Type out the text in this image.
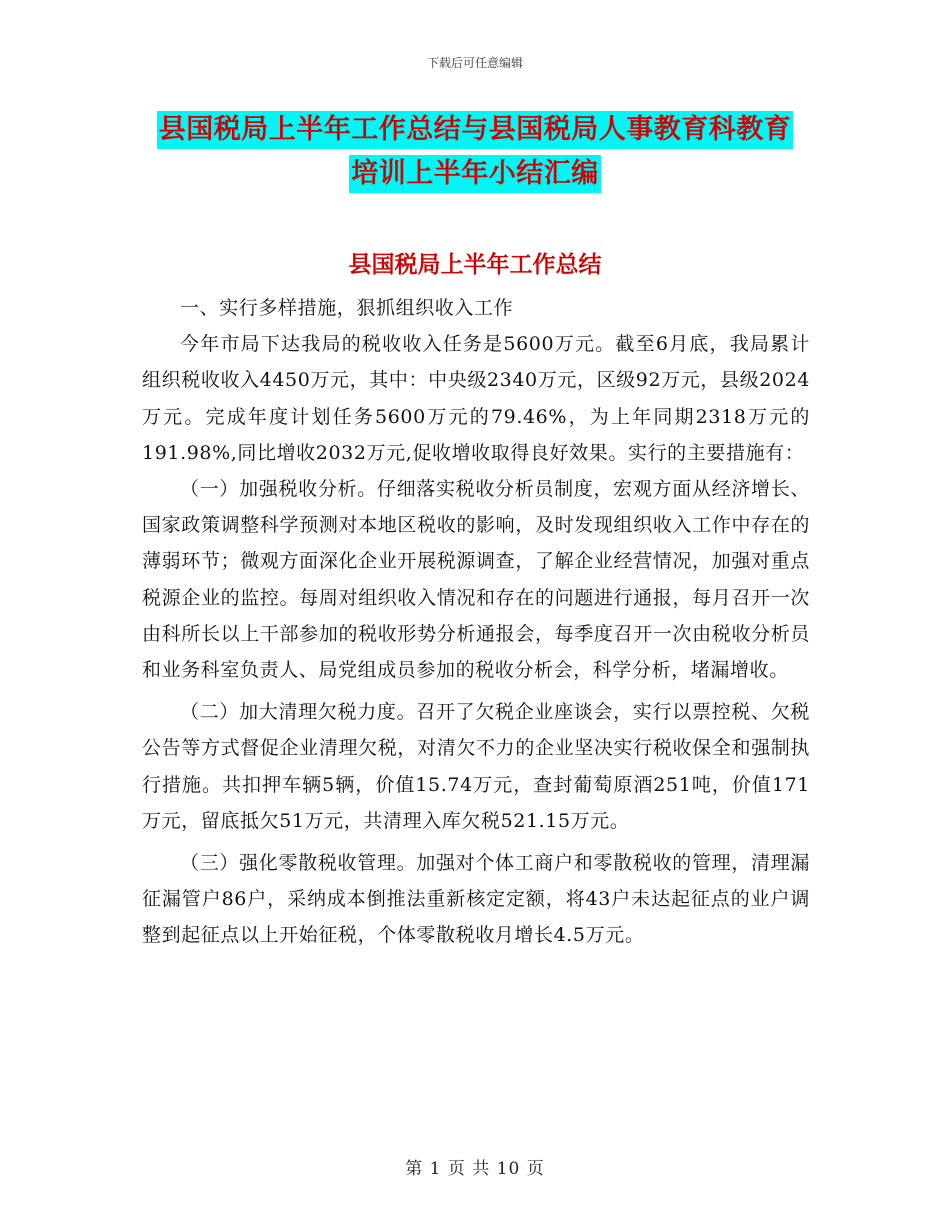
下载后可任意编辑
县国税局上半年工作总结与县国税局人事教育科教育
培训上半年小结汇编
县国税局上半年工作总结

一、实行多样措施，狠抓组织收入工作

今年市局下达我局的税收收入任务是5600万元。截至6月底，我局累计组织税收收入4450万元，其中：中央级2340万元，区级92万元，县级2024万元。完成年度计划任务5600万元的79.46%，为上年同期2318万元的191.98%,同比增收2032万元,促收增收取得良好效果。实行的主要措施有：

（一）加强税收分析。仔细落实税收分析员制度，宏观方面从经济增长、国家政策调整科学预测对本地区税收的影响，及时发现组织收入工作中存在的薄弱环节；微观方面深化企业开展税源调查，了解企业经营情况，加强对重点税源企业的监控。每周对组织收入情况和存在的问题进行通报，每月召开一次由科所长以上干部参加的税收形势分析通报会，每季度召开一次由税收分析员和业务科室负责人、局党组成员参加的税收分析会，科学分析，堵漏增收。

（二）加大清理欠税力度。召开了欠税企业座谈会，实行以票控税、欠税公告等方式督促企业清理欠税，对清欠不力的企业坚决实行税收保全和强制执行措施。共扣押车辆5辆，价值15.74万元，查封葡萄原酒251吨，价值171万元，留底抵欠51万元，共清理入库欠税521.15万元。

（三）强化零散税收管理。加强对个体工商户和零散税收的管理，清理漏征漏管户86户，采纳成本倒推法重新核定定额，将43户未达起征点的业户调整到起征点以上开始征税，个体零散税收月增长4.5万元。

第 1 页 共 10 页
